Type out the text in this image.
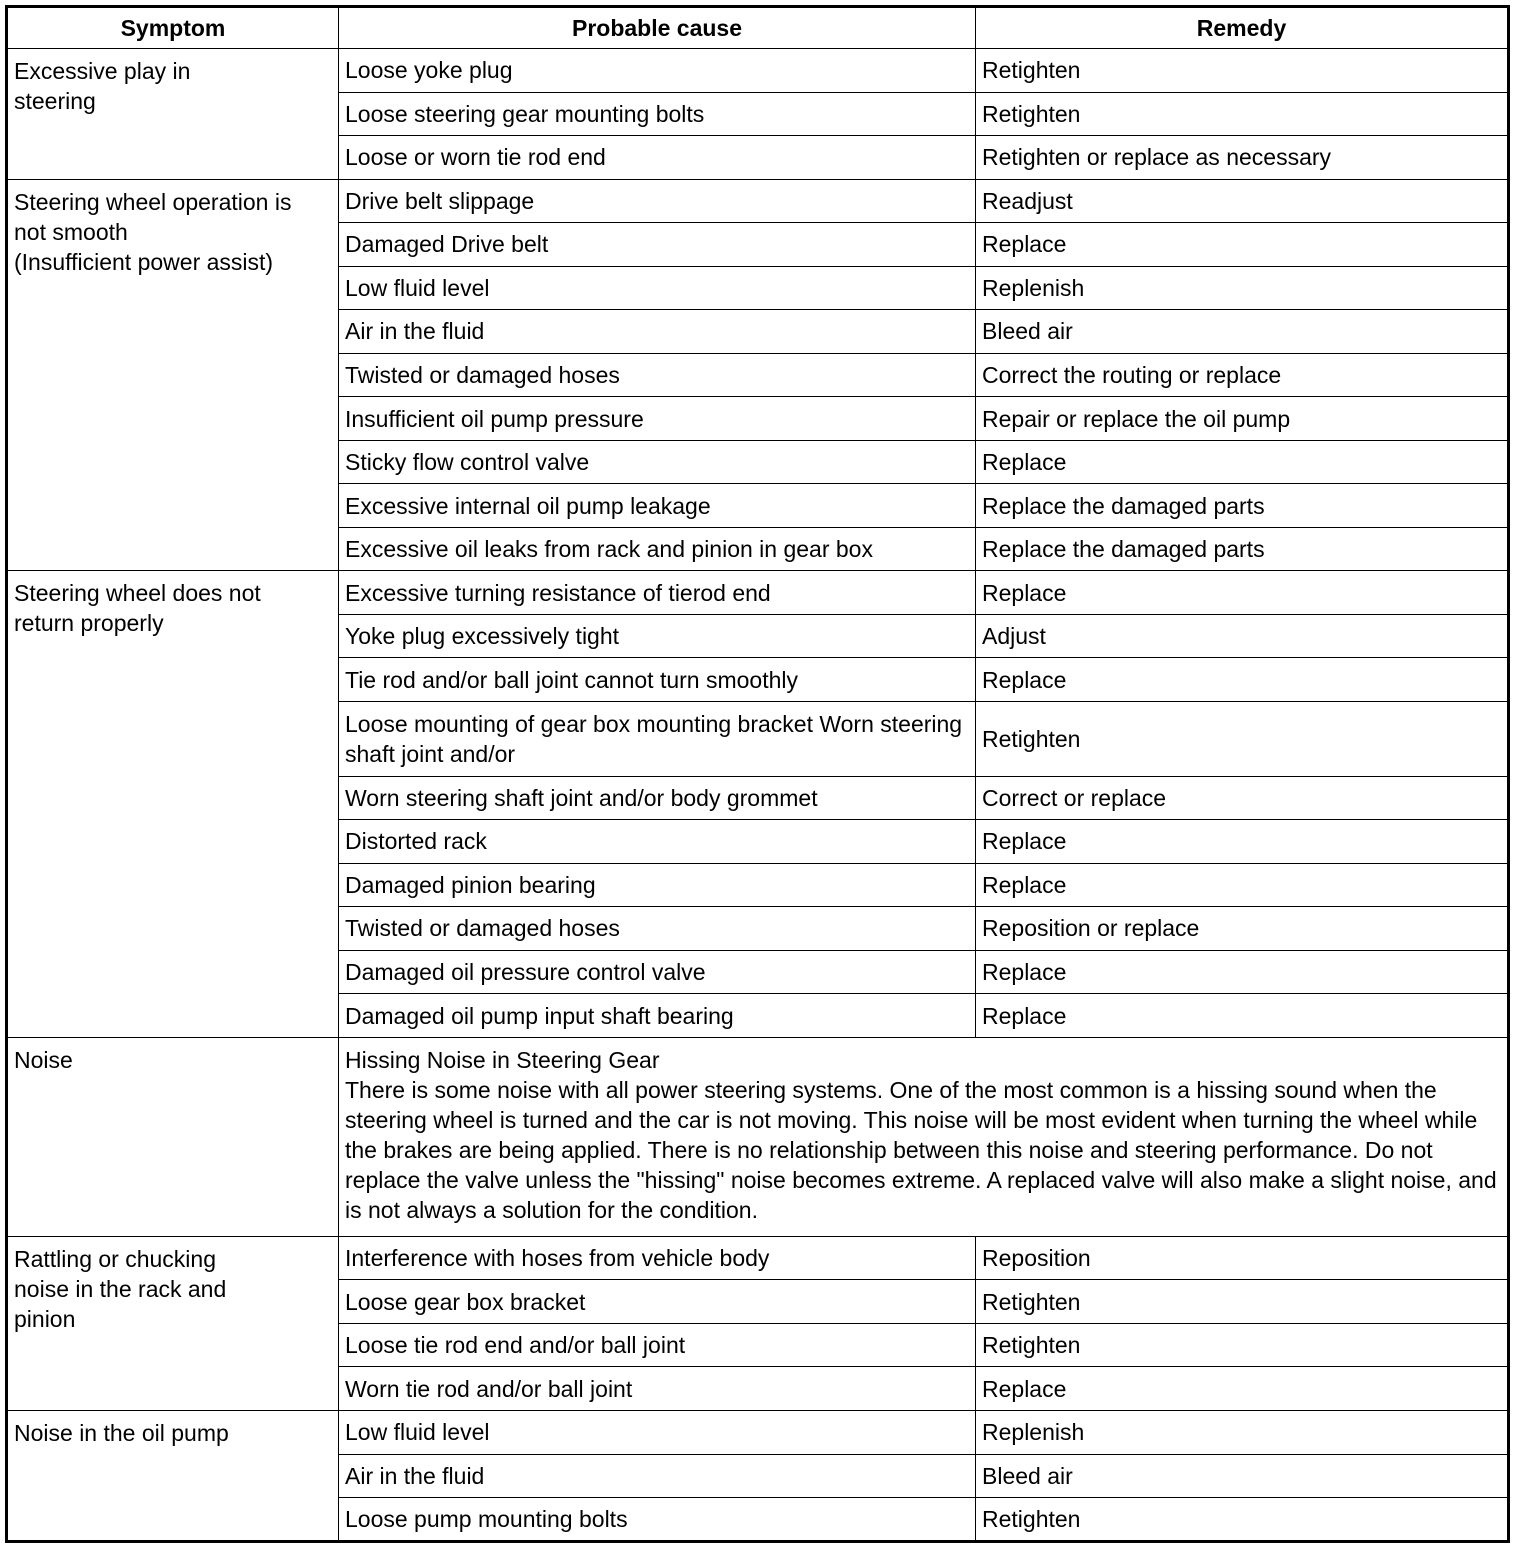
Symptom	Probable cause	Remedy
Excessive play in
steering	Loose yoke plug	Retighten
	Loose steering gear mounting bolts	Retighten
	Loose or worn tie rod end	Retighten or replace as necessary
Steering wheel operation is
not smooth
(Insufficient power assist)	Drive belt slippage	Readjust
	Damaged Drive belt	Replace
	Low fluid level	Replenish
	Air in the fluid	Bleed air
	Twisted or damaged hoses	Correct the routing or replace
	Insufficient oil pump pressure	Repair or replace the oil pump
	Sticky flow control valve	Replace
	Excessive internal oil pump leakage	Replace the damaged parts
	Excessive oil leaks from rack and pinion in gear box	Replace the damaged parts
Steering wheel does not
return properly	Excessive turning resistance of tierod end	Replace
	Yoke plug excessively tight	Adjust
	Tie rod and/or ball joint cannot turn smoothly	Replace
	Loose mounting of gear box mounting bracket Worn steering shaft joint and/or	Retighten
	Worn steering shaft joint and/or body grommet	Correct or replace
	Distorted rack	Replace
	Damaged pinion bearing	Replace
	Twisted or damaged hoses	Reposition or replace
	Damaged oil pressure control valve	Replace
	Damaged oil pump input shaft bearing	Replace
Noise	Hissing Noise in Steering Gear
There is some noise with all power steering systems. One of the most common is a hissing sound when the steering wheel is turned and the car is not moving. This noise will be most evident when turning the wheel while the brakes are being applied. There is no relationship between this noise and steering performance. Do not replace the valve unless the "hissing" noise becomes extreme. A replaced valve will also make a slight noise, and is not always a solution for the condition.	

Rattling or chucking
noise in the rack and
pinion	Interference with hoses from vehicle body	Reposition
	Loose gear box bracket	Retighten
	Loose tie rod end and/or ball joint	Retighten
	Worn tie rod and/or ball joint	Replace
Noise in the oil pump	Low fluid level	Replenish
	Air in the fluid	Bleed air
	Loose pump mounting bolts	Retighten
